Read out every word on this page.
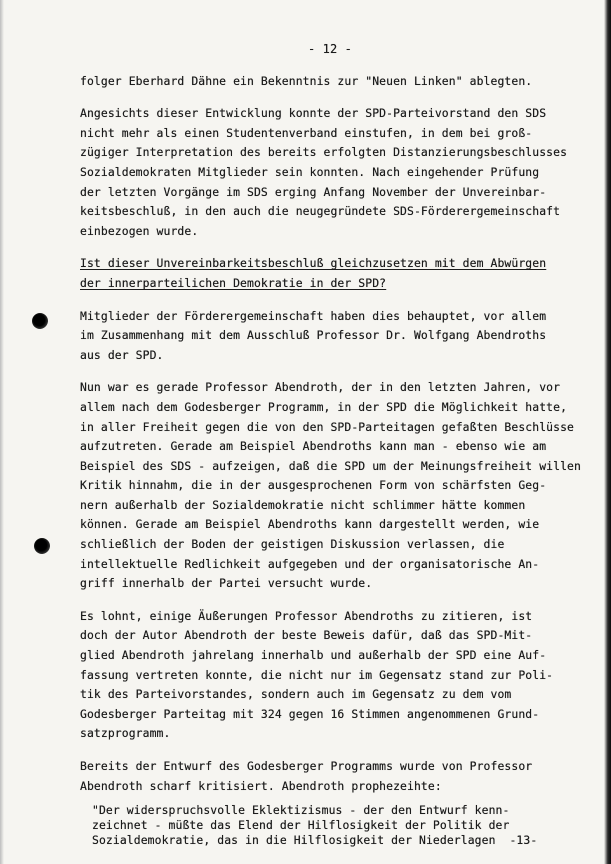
- 12 -

folger Eberhard Dähne ein Bekenntnis zur "Neuen Linken" ablegten.

Angesichts dieser Entwicklung konnte der SPD-Parteivorstand den SDS
nicht mehr als einen Studentenverband einstufen, in dem bei groß-
zügiger Interpretation des bereits erfolgten Distanzierungsbeschlusses
Sozialdemokraten Mitglieder sein konnten. Nach eingehender Prüfung
der letzten Vorgänge im SDS erging Anfang November der Unvereinbar-
keitsbeschluß, in den auch die neugegründete SDS-Förderergemeinschaft
einbezogen wurde.

Ist dieser Unvereinbarkeitsbeschluß gleichzusetzen mit dem Abwürgen
der innerparteilichen Demokratie in der SPD?

Mitglieder der Förderergemeinschaft haben dies behauptet, vor allem
im Zusammenhang mit dem Ausschluß Professor Dr. Wolfgang Abendroths
aus der SPD.

Nun war es gerade Professor Abendroth, der in den letzten Jahren, vor
allem nach dem Godesberger Programm, in der SPD die Möglichkeit hatte,
in aller Freiheit gegen die von den SPD-Parteitagen gefaßten Beschlüsse
aufzutreten. Gerade am Beispiel Abendroths kann man - ebenso wie am
Beispiel des SDS - aufzeigen, daß die SPD um der Meinungsfreiheit willen
Kritik hinnahm, die in der ausgesprochenen Form von schärfsten Geg-
nern außerhalb der Sozialdemokratie nicht schlimmer hätte kommen
können. Gerade am Beispiel Abendroths kann dargestellt werden, wie
schließlich der Boden der geistigen Diskussion verlassen, die
intellektuelle Redlichkeit aufgegeben und der organisatorische An-
griff innerhalb der Partei versucht wurde.

Es lohnt, einige Äußerungen Professor Abendroths zu zitieren, ist
doch der Autor Abendroth der beste Beweis dafür, daß das SPD-Mit-
glied Abendroth jahrelang innerhalb und außerhalb der SPD eine Auf-
fassung vertreten konnte, die nicht nur im Gegensatz stand zur Poli-
tik des Parteivorstandes, sondern auch im Gegensatz zu dem vom
Godesberger Parteitag mit 324 gegen 16 Stimmen angenommenen Grund-
satzprogramm.

Bereits der Entwurf des Godesberger Programms wurde von Professor
Abendroth scharf kritisiert. Abendroth prophezeihte:

"Der widerspruchsvolle Eklektizismus - der den Entwurf kenn-
zeichnet - müßte das Elend der Hilflosigkeit der Politik der
Sozialdemokratie, das in die Hilflosigkeit der Niederlagen  -13-
